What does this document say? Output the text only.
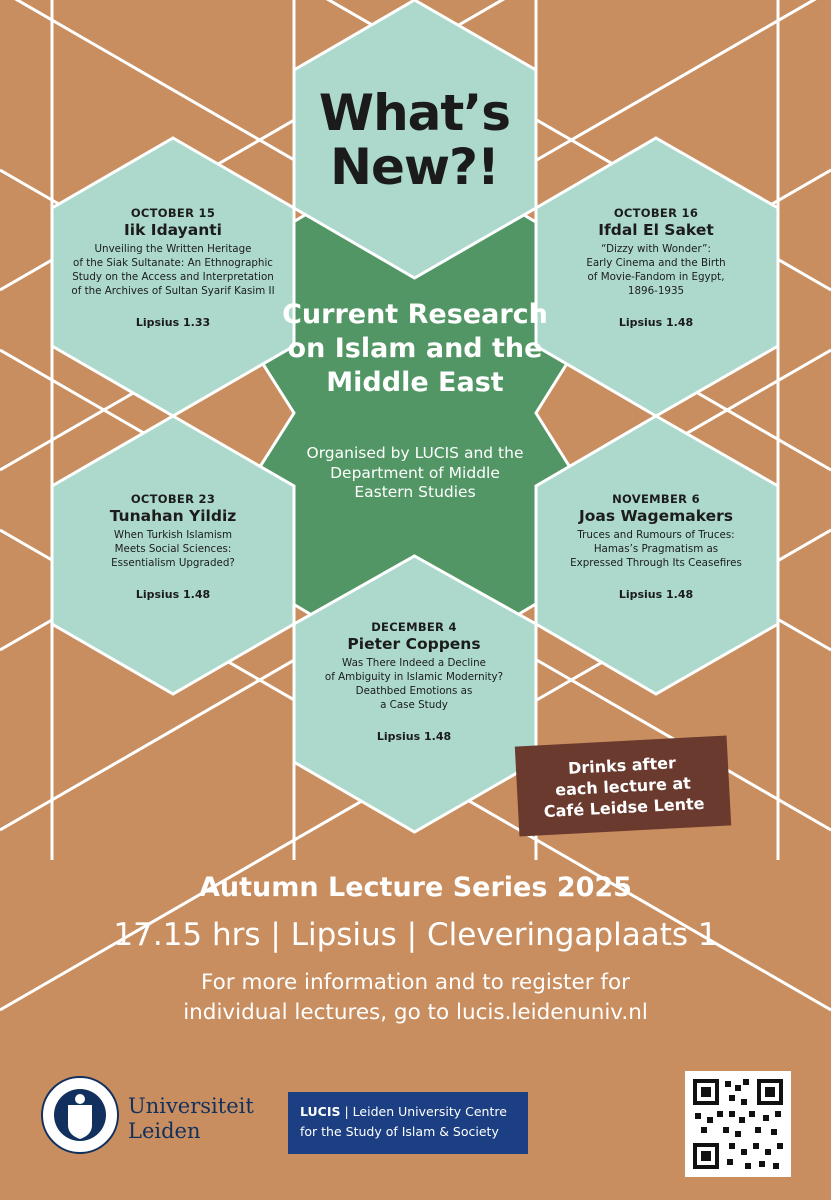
What’s New?!
Current Research on Islam and the Middle East
Organised by LUCIS and the Department of Middle Eastern Studies
OCTOBER 15
Iik Idayanti
Unveiling the Written Heritage
of the Siak Sultanate: An Ethnographic
Study on the Access and Interpretation
of the Archives of Sultan Syarif Kasim II
Lipsius 1.33
OCTOBER 16
Ifdal El Saket
“Dizzy with Wonder”:
Early Cinema and the Birth
of Movie-Fandom in Egypt,
1896-1935
Lipsius 1.48
OCTOBER 23
Tunahan Yildiz
When Turkish Islamism
Meets Social Sciences:
Essentialism Upgraded?
Lipsius 1.48
NOVEMBER 6
Joas Wagemakers
Truces and Rumours of Truces:
Hamas’s Pragmatism as
Expressed Through Its Ceasefires
Lipsius 1.48
DECEMBER 4
Pieter Coppens
Was There Indeed a Decline
of Ambiguity in Islamic Modernity?
Deathbed Emotions as
a Case Study
Lipsius 1.48
Drinks after
each lecture at
Café Leidse Lente
Autumn Lecture Series 2025
17.15 hrs | Lipsius | Cleveringaplaats 1
For more information and to register for
individual lectures, go to lucis.leidenuniv.nl
Universiteit
Leiden
LUCIS | Leiden University Centre
for the Study of Islam & Society
